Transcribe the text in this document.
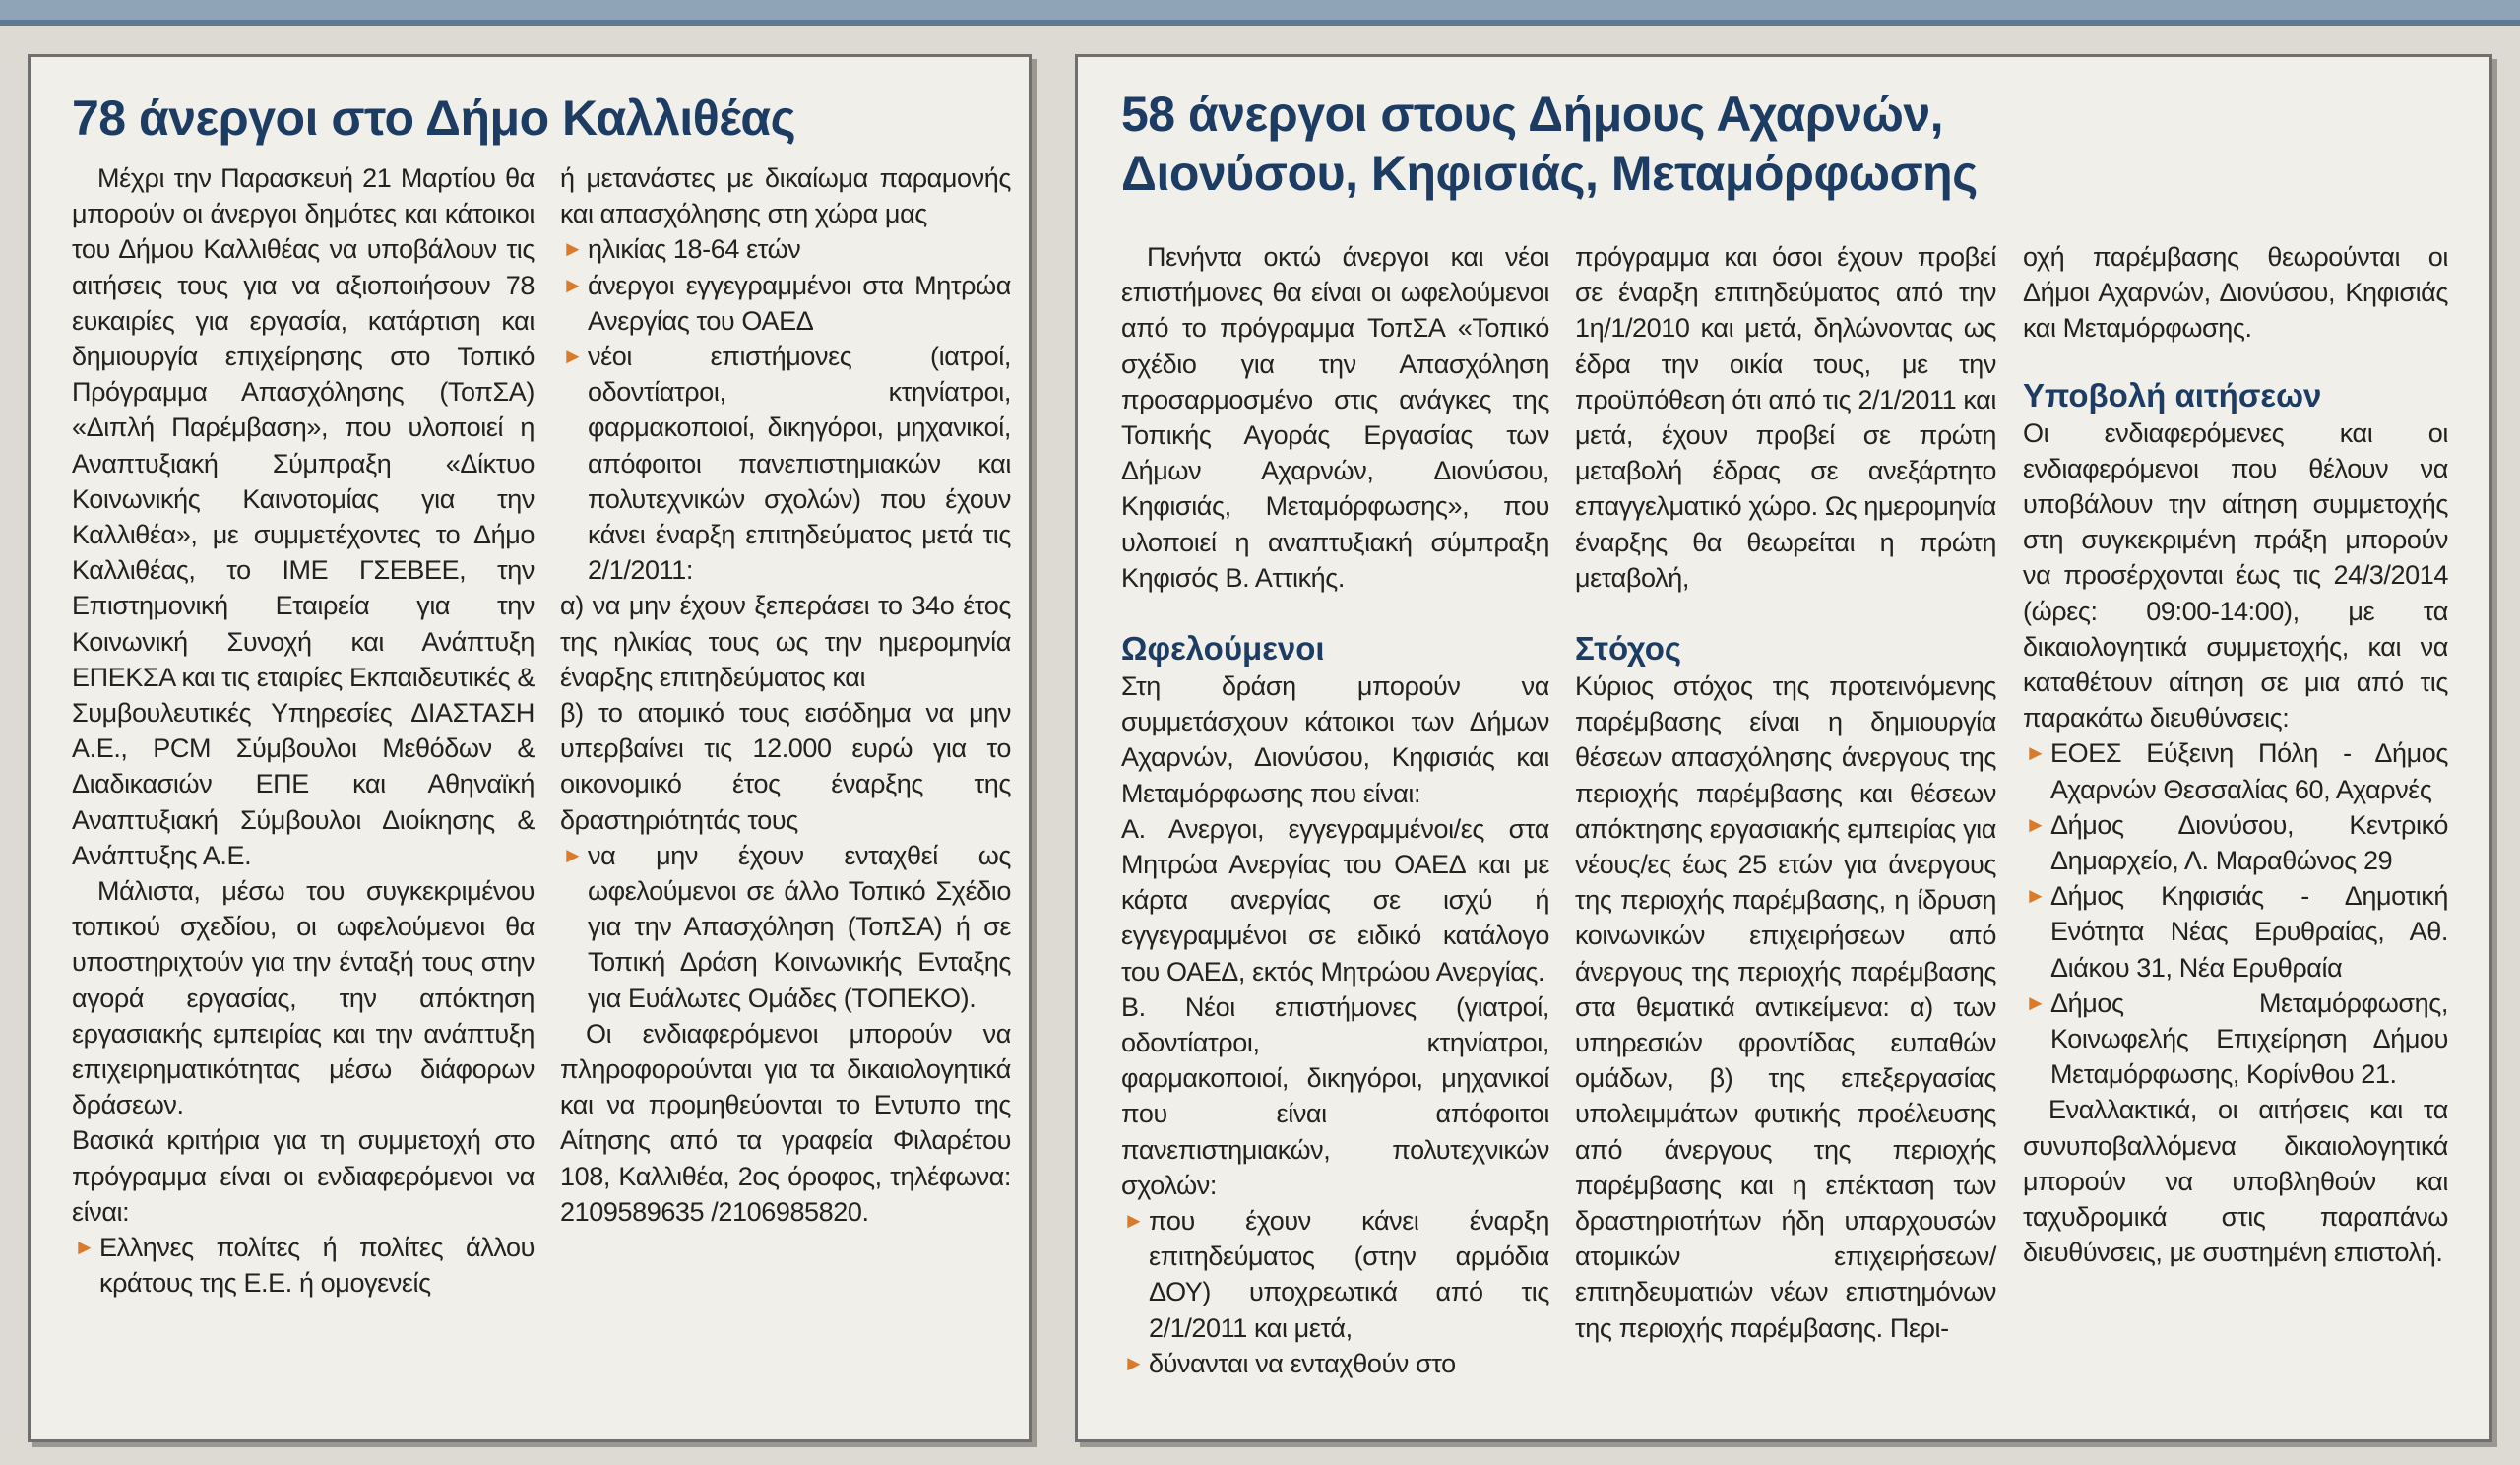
78 άνεργοι στο Δήμο Καλλιθέας

Μέχρι την Παρασκευή 21 Μαρτίου θα μπορούν οι άνεργοι δημότες και κάτοικοι του Δήμου Καλλιθέας να υποβάλουν τις αιτήσεις τους για να αξιοποιήσουν 78 ευκαιρίες για εργασία, κατάρτιση και δημιουργία επιχείρησης στο Τοπικό Πρόγραμμα Απασχόλησης (ΤοπΣΑ) «Διπλή Παρέμβαση», που υλοποιεί η Αναπτυξιακή Σύμπραξη «Δίκτυο Κοινωνικής Καινοτομίας για την Καλλιθέα», με συμμετέχοντες το Δήμο Καλλιθέας, το ΙΜΕ ΓΣΕΒΕΕ, την Επιστημονική Εταιρεία για την Κοινωνική Συνοχή και Ανάπτυξη ΕΠΕΚΣΑ και τις εταιρίες Εκπαιδευτικές & Συμβουλευτικές Υπηρεσίες ΔΙΑΣΤΑΣΗ Α.Ε., PCM Σύμβουλοι Μεθόδων & Διαδικασιών ΕΠΕ και Αθηναϊκή Αναπτυξιακή Σύμβουλοι Διοίκησης & Ανάπτυξης Α.Ε.

Μάλιστα, μέσω του συγκεκριμένου τοπικού σχεδίου, οι ωφελούμενοι θα υποστηριχτούν για την ένταξή τους στην αγορά εργασίας, την απόκτηση εργασιακής εμπειρίας και την ανάπτυξη επιχειρηματικότητας μέσω διάφορων δράσεων.

Βασικά κριτήρια για τη συμμετοχή στο πρόγραμμα είναι οι ενδιαφερόμενοι να είναι:

► Ελληνες πολίτες ή πολίτες άλλου κράτους της Ε.Ε. ή ομογενείς

ή μετανάστες με δικαίωμα παραμονής και απασχόλησης στη χώρα μας

► ηλικίας 18-64 ετών

► άνεργοι εγγεγραμμένοι στα Μητρώα Ανεργίας του ΟΑΕΔ

► νέοι επιστήμονες (ιατροί, οδοντίατροι, κτηνίατροι, φαρμακοποιοί, δικηγόροι, μηχανικοί, απόφοιτοι πανεπιστημιακών και πολυτεχνικών σχολών) που έχουν κάνει έναρξη επιτηδεύματος μετά τις 2/1/2011:

α) να μην έχουν ξεπεράσει το 34ο έτος της ηλικίας τους ως την ημερομηνία έναρξης επιτηδεύματος και

β) το ατομικό τους εισόδημα να μην υπερβαίνει τις 12.000 ευρώ για το οικονομικό έτος έναρξης της δραστηριότητάς τους

► να μην έχουν ενταχθεί ως ωφελούμενοι σε άλλο Τοπικό Σχέδιο για την Απασχόληση (ΤοπΣΑ) ή σε Τοπική Δράση Κοινωνικής Ενταξης για Ευάλωτες Ομάδες (ΤΟΠΕΚΟ).

Οι ενδιαφερόμενοι μπορούν να πληροφορούνται για τα δικαιολογητικά και να προμηθεύονται το Εντυπο της Αίτησης από τα γραφεία Φιλαρέτου 108, Καλλιθέα, 2ος όροφος, τηλέφωνα: 2109589635 /2106985820.

58 άνεργοι στους Δήμους Αχαρνών,
Διονύσου, Κηφισιάς, Μεταμόρφωσης

Πενήντα οκτώ άνεργοι και νέοι επιστήμονες θα είναι οι ωφελούμενοι από το πρόγραμμα ΤοπΣΑ «Τοπικό σχέδιο για την Απασχόληση προσαρμοσμένο στις ανάγκες της Τοπικής Αγοράς Εργασίας των Δήμων Αχαρνών, Διονύσου, Κηφισιάς, Μεταμόρφωσης», που υλοποιεί η αναπτυξιακή σύμπραξη Κηφισός Β. Αττικής.

Ωφελούμενοι

Στη δράση μπορούν να συμμετάσχουν κάτοικοι των Δήμων Αχαρνών, Διονύσου, Κηφισιάς και Μεταμόρφωσης που είναι:

Α. Ανεργοι, εγγεγραμμένοι/ες στα Μητρώα Ανεργίας του ΟΑΕΔ και με κάρτα ανεργίας σε ισχύ ή εγγεγραμμένοι σε ειδικό κατάλογο του ΟΑΕΔ, εκτός Μητρώου Ανεργίας.

Β. Νέοι επιστήμονες (γιατροί, οδοντίατροι, κτηνίατροι, φαρμακοποιοί, δικηγόροι, μηχανικοί που είναι απόφοιτοι πανεπιστημιακών, πολυτεχνικών σχολών:

► που έχουν κάνει έναρξη επιτηδεύματος (στην αρμόδια ΔΟΥ) υποχρεωτικά από τις 2/1/2011 και μετά,

► δύνανται να ενταχθούν στο

πρόγραμμα και όσοι έχουν προβεί σε έναρξη επιτηδεύματος από την 1η/1/2010 και μετά, δηλώνοντας ως έδρα την οικία τους, με την προϋπόθεση ότι από τις 2/1/2011 και μετά, έχουν προβεί σε πρώτη μεταβολή έδρας σε ανεξάρτητο επαγγελματικό χώρο. Ως ημερομηνία έναρξης θα θεωρείται η πρώτη μεταβολή,

Στόχος

Κύριος στόχος της προτεινόμενης παρέμβασης είναι η δημιουργία θέσεων απασχόλησης άνεργους της περιοχής παρέμβασης και θέσεων απόκτησης εργασιακής εμπειρίας για νέους/ες έως 25 ετών για άνεργους της περιοχής παρέμβασης, η ίδρυση κοινωνικών επιχειρήσεων από άνεργους της περιοχής παρέμβασης στα θεματικά αντικείμενα: α) των υπηρεσιών φροντίδας ευπαθών ομάδων, β) της επεξεργασίας υπολειμμάτων φυτικής προέλευσης από άνεργους της περιοχής παρέμβασης και η επέκταση των δραστηριοτήτων ήδη υπαρχουσών ατομικών επιχειρήσεων/επιτηδευματιών νέων επιστημόνων της περιοχής παρέμβασης. Περι-

οχή παρέμβασης θεωρούνται οι Δήμοι Αχαρνών, Διονύσου, Κηφισιάς και Μεταμόρφωσης.

Υποβολή αιτήσεων

Οι ενδιαφερόμενες και οι ενδιαφερόμενοι που θέλουν να υποβάλουν την αίτηση συμμετοχής στη συγκεκριμένη πράξη μπορούν να προσέρχονται έως τις 24/3/2014 (ώρες: 09:00-14:00), με τα δικαιολογητικά συμμετοχής, και να καταθέτουν αίτηση σε μια από τις παρακάτω διευθύνσεις:

► ΕΟΕΣ Εύξεινη Πόλη - Δήμος Αχαρνών Θεσσαλίας 60, Αχαρνές

► Δήμος Διονύσου, Κεντρικό Δημαρχείο, Λ. Μαραθώνος 29

► Δήμος Κηφισιάς - Δημοτική Ενότητα Νέας Ερυθραίας, Αθ. Διάκου 31, Νέα Ερυθραία

► Δήμος Μεταμόρφωσης, Κοινωφελής Επιχείρηση Δήμου Μεταμόρφωσης, Κορίνθου 21.

Εναλλακτικά, οι αιτήσεις και τα συνυποβαλλόμενα δικαιολογητικά μπορούν να υποβληθούν και ταχυδρομικά στις παραπάνω διευθύνσεις, με συστημένη επιστολή.
